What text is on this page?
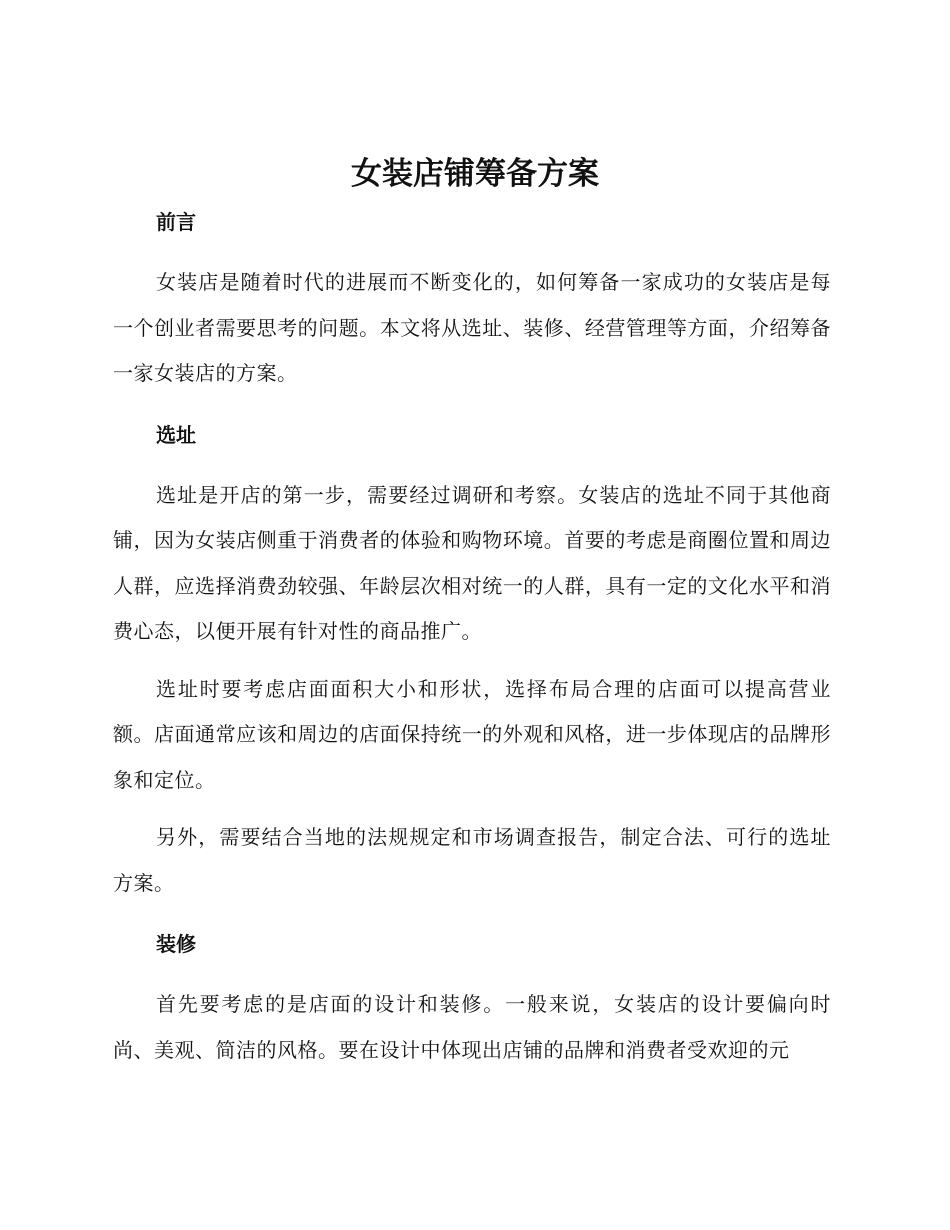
女装店铺筹备方案
前言

女装店是随着时代的进展而不断变化的，如何筹备一家成功的女装店是每一个创业者需要思考的问题。本文将从选址、装修、经营管理等方面，介绍筹备一家女装店的方案。

选址

选址是开店的第一步，需要经过调研和考察。女装店的选址不同于其他商铺，因为女装店侧重于消费者的体验和购物环境。首要的考虑是商圈位置和周边人群，应选择消费劲较强、年龄层次相对统一的人群，具有一定的文化水平和消费心态，以便开展有针对性的商品推广。

选址时要考虑店面面积大小和形状，选择布局合理的店面可以提高营业额。店面通常应该和周边的店面保持统一的外观和风格，进一步体现店的品牌形象和定位。

另外，需要结合当地的法规规定和市场调查报告，制定合法、可行的选址方案。

装修

首先要考虑的是店面的设计和装修。一般来说，女装店的设计要偏向时尚、美观、简洁的风格。要在设计中体现出店铺的品牌和消费者受欢迎的元
